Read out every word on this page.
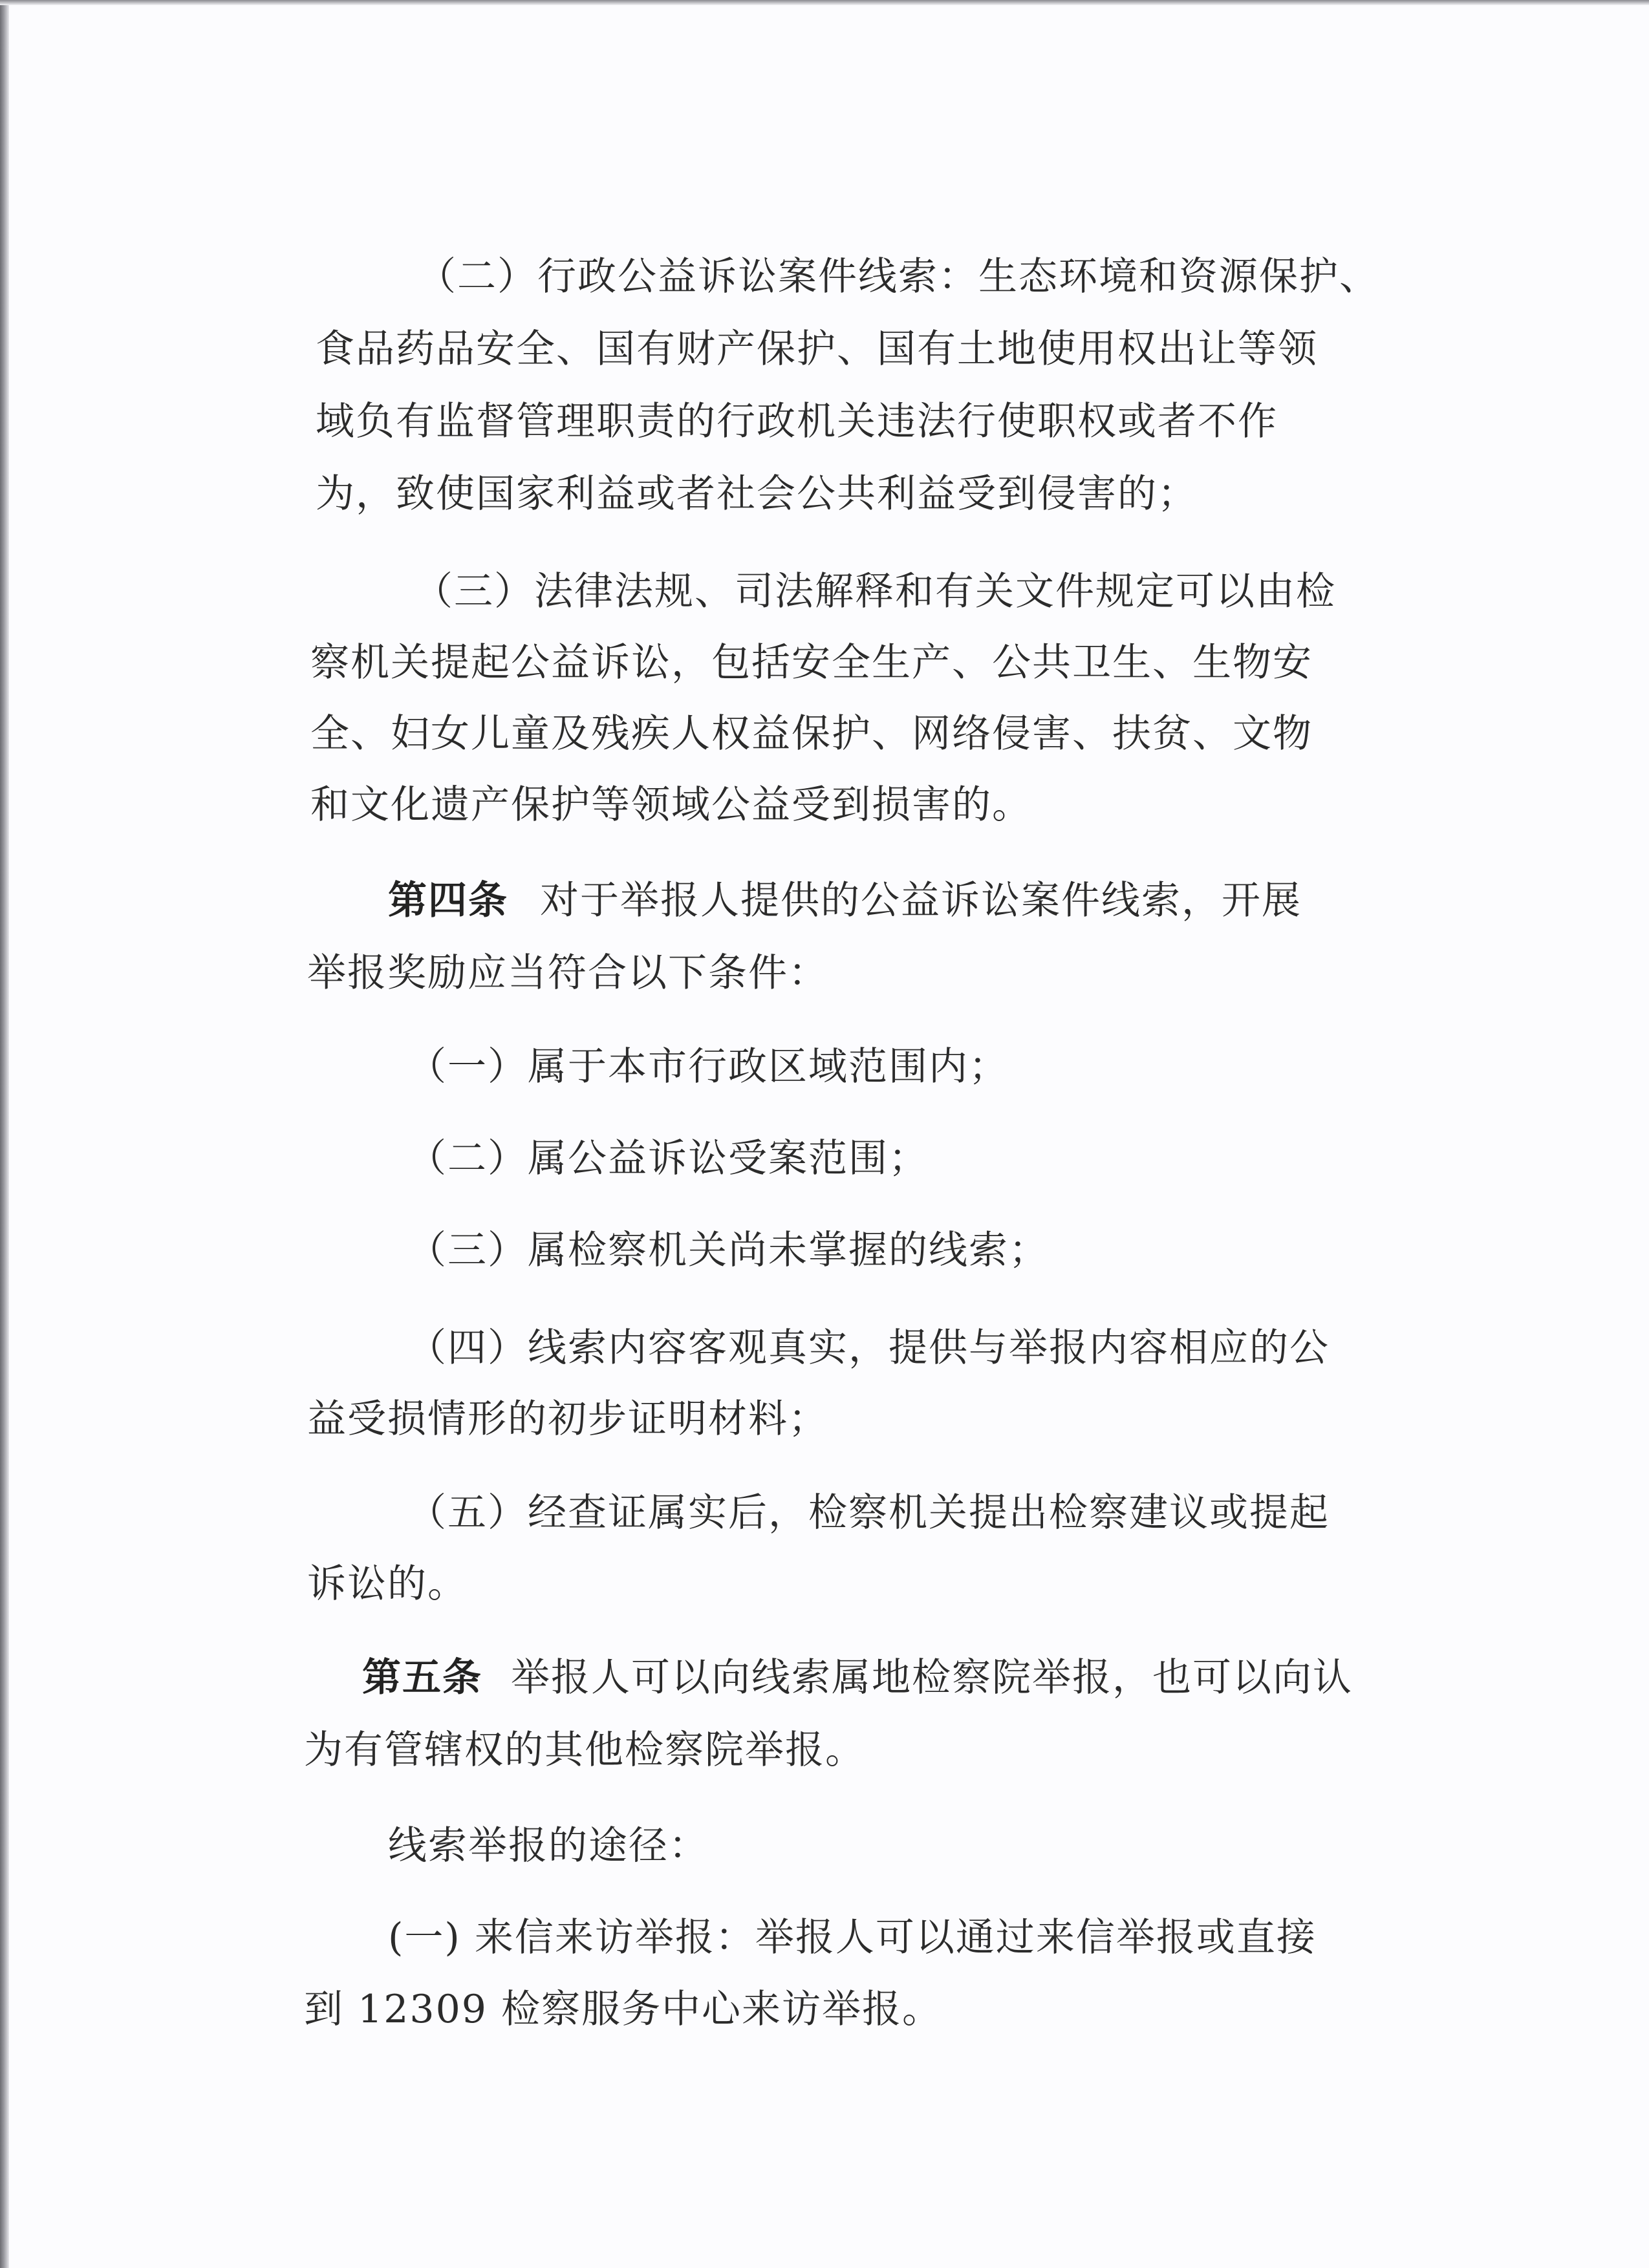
（二）行政公益诉讼案件线索：生态环境和资源保护、
食品药品安全、国有财产保护、国有土地使用权出让等领
域负有监督管理职责的行政机关违法行使职权或者不作
为，致使国家利益或者社会公共利益受到侵害的；
（三）法律法规、司法解释和有关文件规定可以由检
察机关提起公益诉讼，包括安全生产、公共卫生、生物安
全、妇女儿童及残疾人权益保护、网络侵害、扶贫、文物
和文化遗产保护等领域公益受到损害的。
第四条 对于举报人提供的公益诉讼案件线索，开展
举报奖励应当符合以下条件：
（一）属于本市行政区域范围内；
（二）属公益诉讼受案范围；
（三）属检察机关尚未掌握的线索；
（四）线索内容客观真实，提供与举报内容相应的公
益受损情形的初步证明材料；
（五）经查证属实后，检察机关提出检察建议或提起
诉讼的。
第五条 举报人可以向线索属地检察院举报，也可以向认
为有管辖权的其他检察院举报。
线索举报的途径：
(一) 来信来访举报：举报人可以通过来信举报或直接
到 12309 检察服务中心来访举报。
